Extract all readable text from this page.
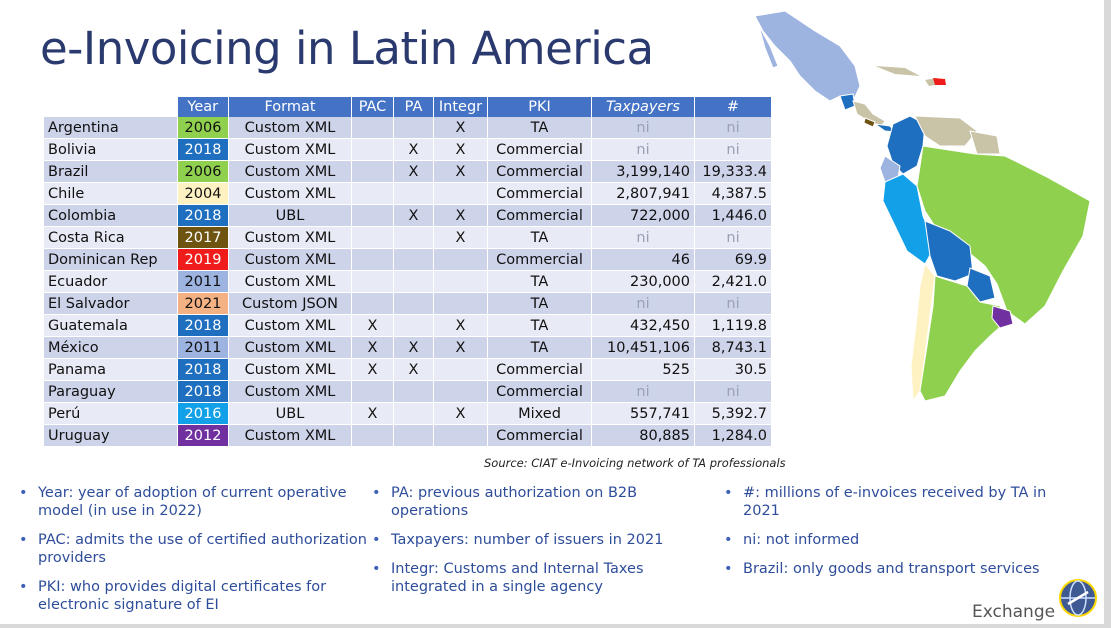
e-Invoicing in Latin America
	Year	Format	PAC	PA	Integr	PKI	Taxpayers	#
Argentina	2006	Custom XML			X	TA	ni	ni
Bolivia	2018	Custom XML		X	X	Commercial	ni	ni
Brazil	2006	Custom XML		X	X	Commercial	3,199,140	19,333.4
Chile	2004	Custom XML				Commercial	2,807,941	4,387.5
Colombia	2018	UBL		X	X	Commercial	722,000	1,446.0
Costa Rica	2017	Custom XML			X	TA	ni	ni
Dominican Rep	2019	Custom XML				Commercial	46	69.9
Ecuador	2011	Custom XML				TA	230,000	2,421.0
El Salvador	2021	Custom JSON				TA	ni	ni
Guatemala	2018	Custom XML	X		X	TA	432,450	1,119.8
México	2011	Custom XML	X	X	X	TA	10,451,106	8,743.1
Panama	2018	Custom XML	X	X		Commercial	525	30.5
Paraguay	2018	Custom XML				Commercial	ni	ni
Perú	2016	UBL	X		X	Mixed	557,741	5,392.7
Uruguay	2012	Custom XML				Commercial	80,885	1,284.0
Source: CIAT e-Invoicing network of TA professionals
• Year: year of adoption of current operative model (in use in 2022)
• PAC: admits the use of certified authorization providers
• PKI: who provides digital certificates for electronic signature of EI
• PA: previous authorization on B2B operations
• Taxpayers: number of issuers in 2021
• Integr: Customs and Internal Taxes integrated in a single agency
• #: millions of e-invoices received by TA in 2021
• ni: not informed
• Brazil: only goods and transport services
Exchange
